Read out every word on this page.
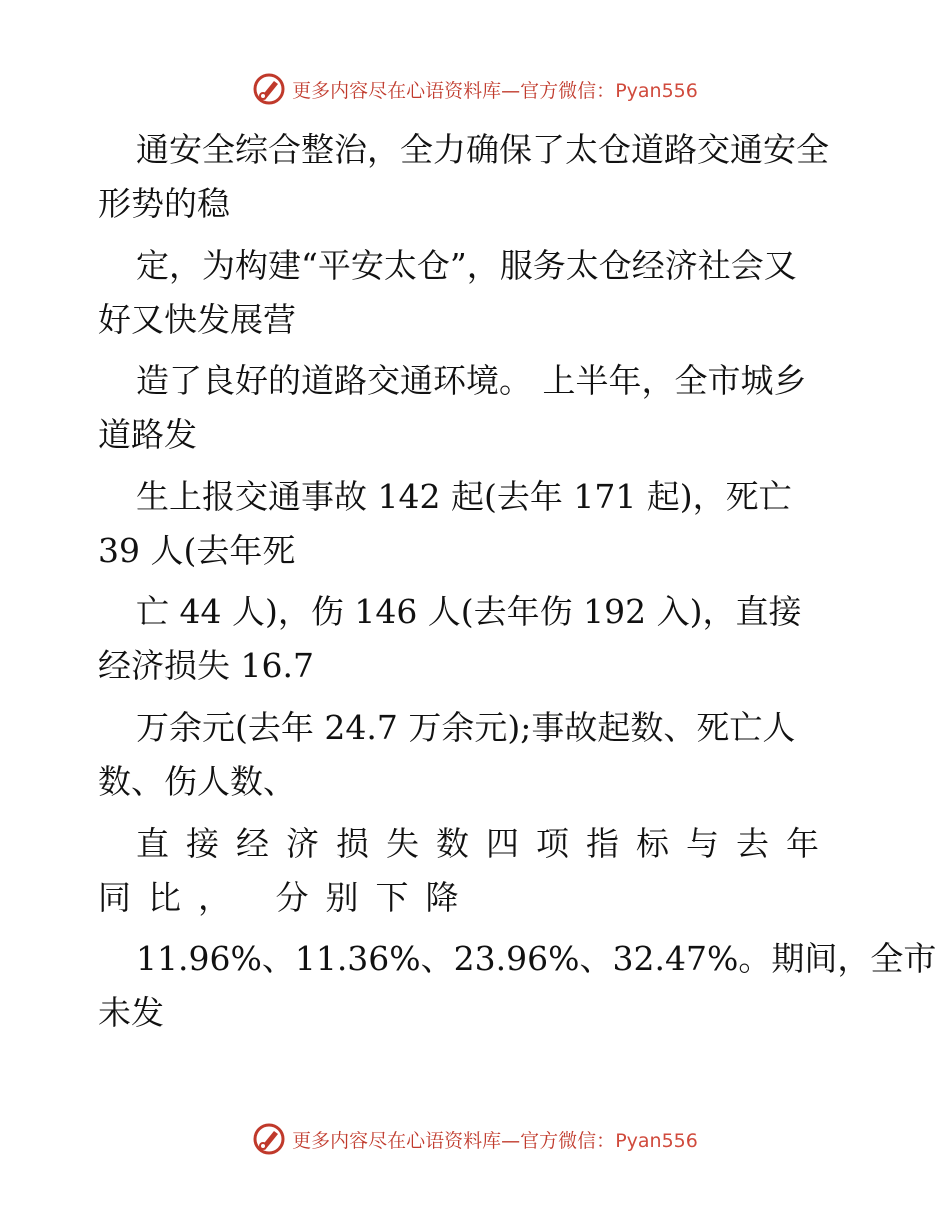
更多内容尽在心语资料库—官方微信：Pyan556
通安全综合整治，全力确保了太仓道路交通安全
形势的稳
定，为构建“平安太仓”，服务太仓经济社会又
好又快发展营
造了良好的道路交通环境。 上半年，全市城乡
道路发
生上报交通事故 142 起(去年 171 起)，死亡
39 人(去年死
亡 44 人)，伤 146 人(去年伤 192 入)，直接
经济损失 16.7
万余元(去年 24.7 万余元);事故起数、死亡人
数、伤人数、
直接经济损失数四项指标与去年
同比， 分别下降
11.96%、11.36%、23.96%、32.47%。期间，全市
未发
更多内容尽在心语资料库—官方微信：Pyan556
